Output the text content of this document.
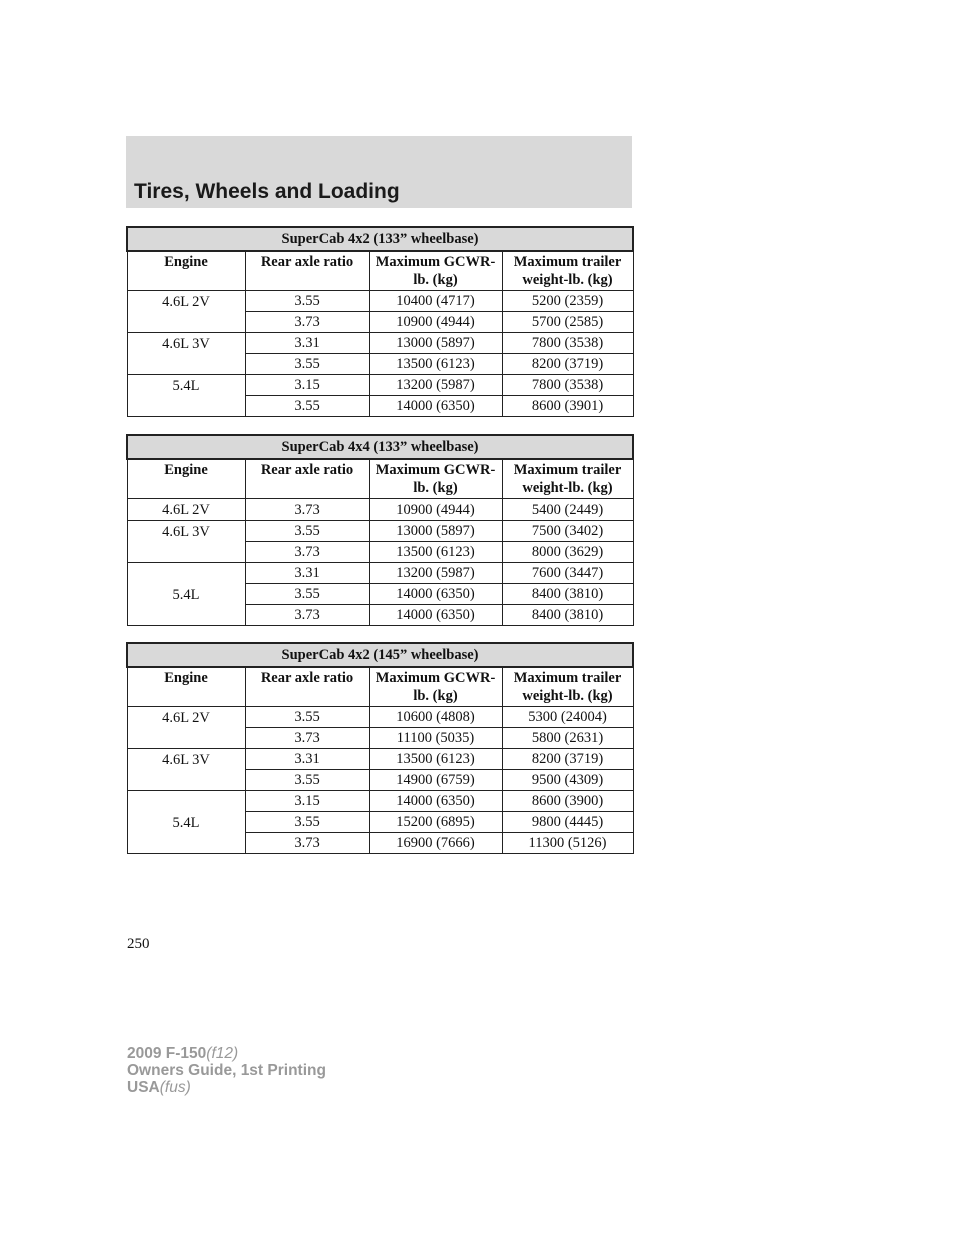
Tires, Wheels and Loading
SuperCab 4x2 (133” wheelbase)			
Engine	Rear axle ratio	Maximum GCWR-lb. (kg)	Maximum trailer weight-lb. (kg)
4.6L 2V	3.55	10400 (4717)	5200 (2359)
	3.73	10900 (4944)	5700 (2585)
4.6L 3V	3.31	13000 (5897)	7800 (3538)
	3.55	13500 (6123)	8200 (3719)
5.4L	3.15	13200 (5987)	7800 (3538)
	3.55	14000 (6350)	8600 (3901)
SuperCab 4x4 (133” wheelbase)			
Engine	Rear axle ratio	Maximum GCWR-lb. (kg)	Maximum trailer weight-lb. (kg)
4.6L 2V	3.73	10900 (4944)	5400 (2449)
4.6L 3V	3.55	13000 (5897)	7500 (3402)
	3.73	13500 (6123)	8000 (3629)
5.4L	3.31	13200 (5987)	7600 (3447)
	3.55	14000 (6350)	8400 (3810)
	3.73	14000 (6350)	8400 (3810)
SuperCab 4x2 (145” wheelbase)			
Engine	Rear axle ratio	Maximum GCWR-lb. (kg)	Maximum trailer weight-lb. (kg)
4.6L 2V	3.55	10600 (4808)	5300 (24004)
	3.73	11100 (5035)	5800 (2631)
4.6L 3V	3.31	13500 (6123)	8200 (3719)
	3.55	14900 (6759)	9500 (4309)
5.4L	3.15	14000 (6350)	8600 (3900)
	3.55	15200 (6895)	9800 (4445)
	3.73	16900 (7666)	11300 (5126)
250
2009 F-150(f12)
Owners Guide, 1st Printing
USA(fus)
